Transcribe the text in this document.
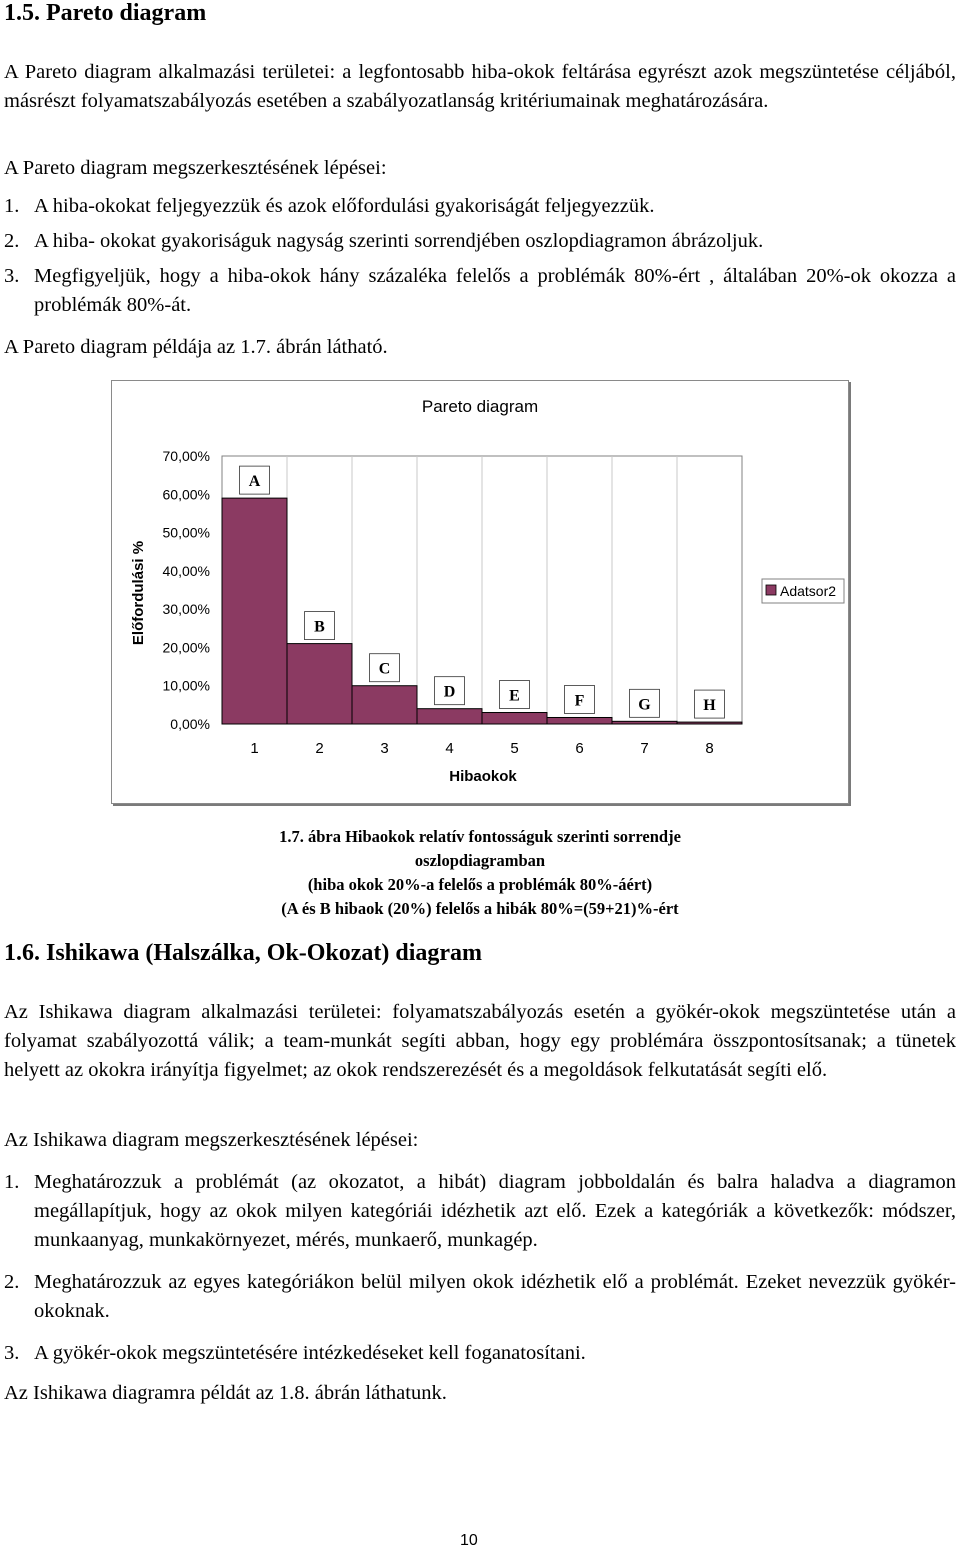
1.5. Pareto diagram

A Pareto diagram alkalmazási területei: a legfontosabb hiba-okok feltárása egyrészt azok megszüntetése céljából, másrészt folyamatszabályozás esetében a szabályozatlanság kritériumainak meghatározására.

A Pareto diagram megszerkesztésének lépései:

1. A hiba-okokat feljegyezzük és azok előfordulási gyakoriságát feljegyezzük.
2. A hiba- okokat gyakoriságuk nagyság szerinti sorrendjében oszlopdiagramon ábrázoljuk.
3. Megfigyeljük, hogy a hiba-okok hány százaléka felelős a problémák 80%-ért , általában 20%-ok okozza a problémák 80%-át.

A Pareto diagram példája az 1.7. ábrán látható.

Pareto diagram
Előfordulási %
Hibaokok
A
B
C
D	E	F	G	H
0,00%
10,00%
20,00%
30,00%
40,00%
50,00%
60,00%
70,00%
1	2	3	4	5	6	7	8
Adatsor2
1.7. ábra Hibaokok relatív fontosságuk szerinti sorrendje
oszlopdiagramban
(hiba okok 20%-a felelős a problémák 80%-áért)
(A és B hibaok (20%) felelős a hibák 80%=(59+21)%-ért
1.6. Ishikawa (Halszálka, Ok-Okozat) diagram

Az Ishikawa diagram alkalmazási területei: folyamatszabályozás esetén a gyökér-okok megszüntetése után a folyamat szabályozottá válik; a team-munkát segíti abban, hogy egy problémára összpontosítsanak; a tünetek helyett az okokra irányítja figyelmet; az okok rendszerezését és a megoldások felkutatását segíti elő.

Az Ishikawa diagram megszerkesztésének lépései:

1. Meghatározzuk a problémát (az okozatot, a hibát) diagram jobboldalán és balra haladva a diagramon megállapítjuk, hogy az okok milyen kategóriái idézhetik azt elő. Ezek a kategóriák a következők: módszer, munkaanyag, munkakörnyezet, mérés, munkaerő, munkagép.
2. Meghatározzuk az egyes kategóriákon belül milyen okok idézhetik elő a problémát. Ezeket nevezzük gyökér-okoknak.
3. A gyökér-okok megszüntetésére intézkedéseket kell foganatosítani.

Az Ishikawa diagramra példát az 1.8. ábrán láthatunk.

10
